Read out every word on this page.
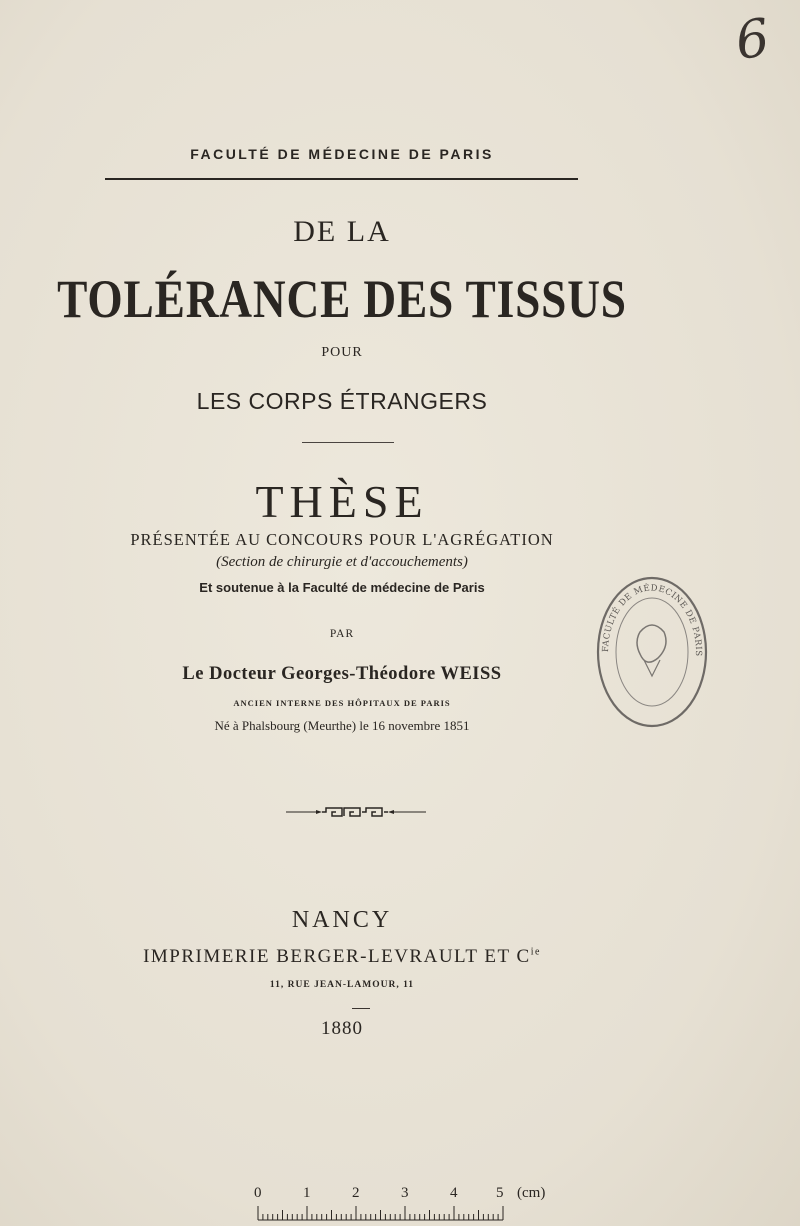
6
FACULTÉ DE MÉDECINE DE PARIS
DE LA
TOLÉRANCE DES TISSUS
POUR
LES CORPS ÉTRANGERS
THÈSE
PRÉSENTÉE AU CONCOURS POUR L'AGRÉGATION
(Section de chirurgie et d'accouchements)
Et soutenue à la Faculté de médecine de Paris
PAR
Le Docteur Georges-Théodore WEISS
ANCIEN INTERNE DES HÔPITAUX DE PARIS
Né à Phalsbourg (Meurthe) le 16 novembre 1851
NANCY
IMPRIMERIE BERGER-LEVRAULT ET $C^{ie}$
11, RUE JEAN-LAMOUR, 11
1880
FACULTÉ DE MÉDECINE DE PARIS
0	1	2	3	4	5 (cm)
